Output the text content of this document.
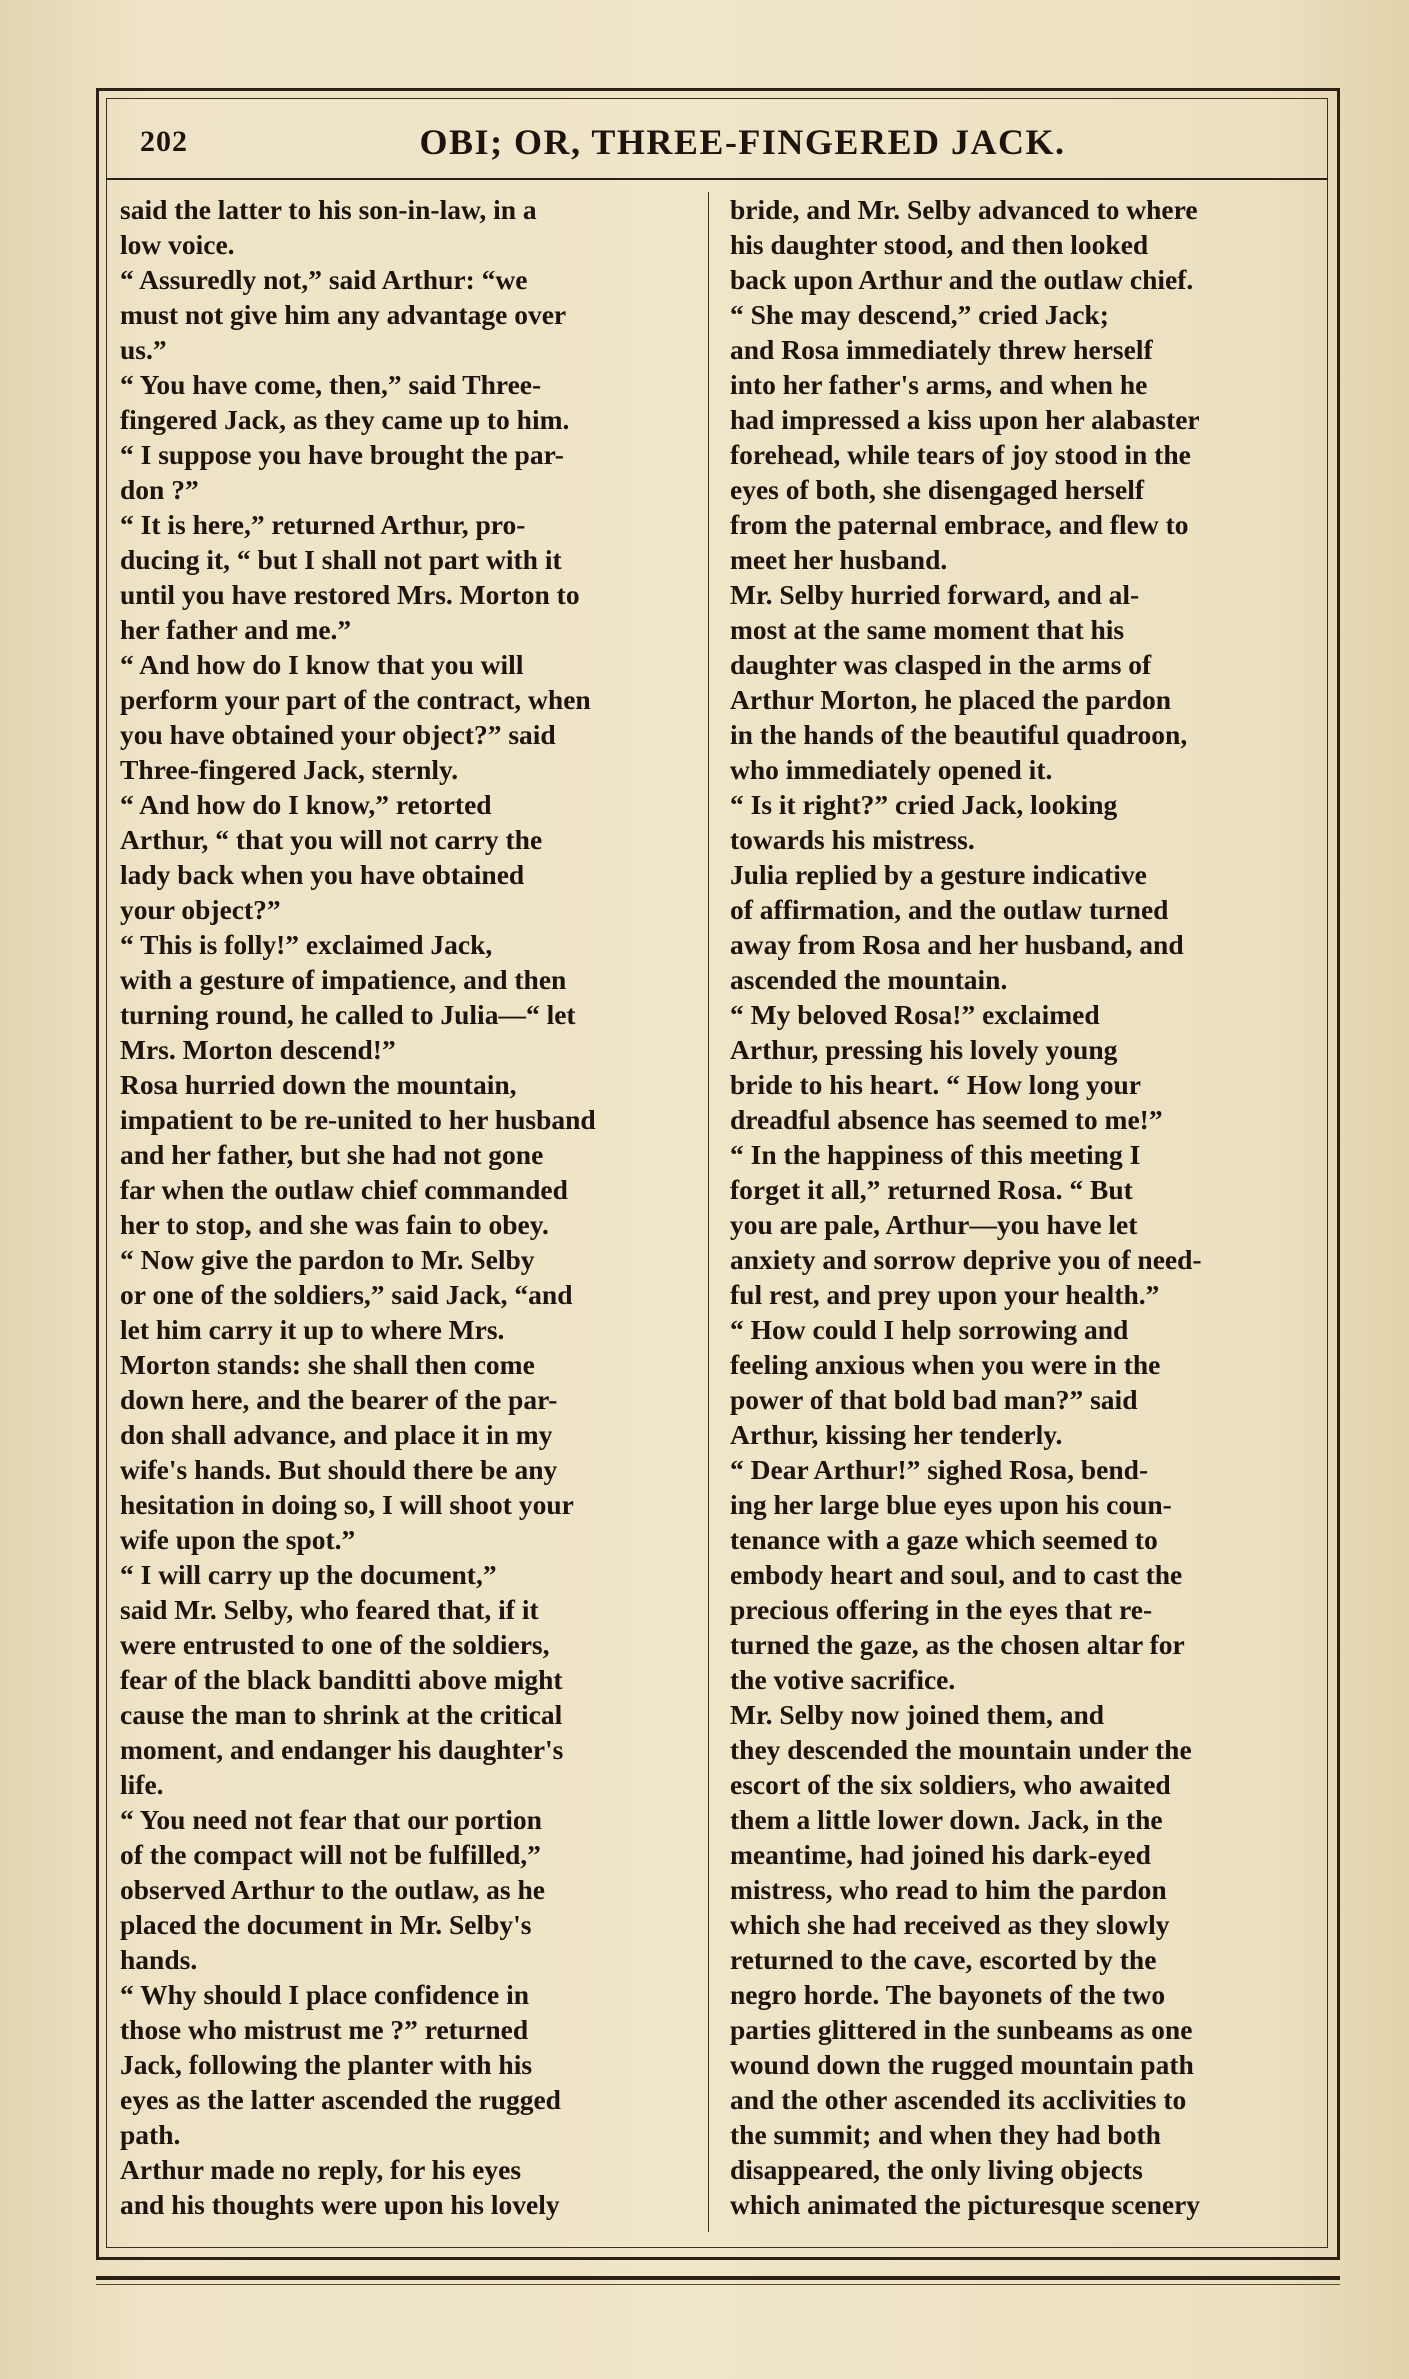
202	OBI; OR, THREE-FINGERED JACK.
said the latter to his son-in-law, in a
low voice.
“ Assuredly not,” said Arthur: “we
must not give him any advantage over
us.”
“ You have come, then,” said Three-
fingered Jack, as they came up to him.
“ I suppose you have brought the par-
don ?”
“ It is here,” returned Arthur, pro-
ducing it, “ but I shall not part with it
until you have restored Mrs. Morton to
her father and me.”
“ And how do I know that you will
perform your part of the contract, when
you have obtained your object?” said
Three-fingered Jack, sternly.
“ And how do I know,” retorted
Arthur, “ that you will not carry the
lady back when you have obtained
your object?”
“ This is folly!” exclaimed Jack,
with a gesture of impatience, and then
turning round, he called to Julia—“ let
Mrs. Morton descend!”
Rosa hurried down the mountain,
impatient to be re-united to her husband
and her father, but she had not gone
far when the outlaw chief commanded
her to stop, and she was fain to obey.
“ Now give the pardon to Mr. Selby
or one of the soldiers,” said Jack, “and
let him carry it up to where Mrs.
Morton stands: she shall then come
down here, and the bearer of the par-
don shall advance, and place it in my
wife's hands. But should there be any
hesitation in doing so, I will shoot your
wife upon the spot.”
“ I will carry up the document,”
said Mr. Selby, who feared that, if it
were entrusted to one of the soldiers,
fear of the black banditti above might
cause the man to shrink at the critical
moment, and endanger his daughter's
life.
“ You need not fear that our portion
of the compact will not be fulfilled,”
observed Arthur to the outlaw, as he
placed the document in Mr. Selby's
hands.
“ Why should I place confidence in
those who mistrust me ?” returned
Jack, following the planter with his
eyes as the latter ascended the rugged
path.
Arthur made no reply, for his eyes
and his thoughts were upon his lovely
bride, and Mr. Selby advanced to where
his daughter stood, and then looked
back upon Arthur and the outlaw chief.
“ She may descend,” cried Jack;
and Rosa immediately threw herself
into her father's arms, and when he
had impressed a kiss upon her alabaster
forehead, while tears of joy stood in the
eyes of both, she disengaged herself
from the paternal embrace, and flew to
meet her husband.
Mr. Selby hurried forward, and al-
most at the same moment that his
daughter was clasped in the arms of
Arthur Morton, he placed the pardon
in the hands of the beautiful quadroon,
who immediately opened it.
“ Is it right?” cried Jack, looking
towards his mistress.
Julia replied by a gesture indicative
of affirmation, and the outlaw turned
away from Rosa and her husband, and
ascended the mountain.
“ My beloved Rosa!” exclaimed
Arthur, pressing his lovely young
bride to his heart. “ How long your
dreadful absence has seemed to me!”
“ In the happiness of this meeting I
forget it all,” returned Rosa. “ But
you are pale, Arthur—you have let
anxiety and sorrow deprive you of need-
ful rest, and prey upon your health.”
“ How could I help sorrowing and
feeling anxious when you were in the
power of that bold bad man?” said
Arthur, kissing her tenderly.
“ Dear Arthur!” sighed Rosa, bend-
ing her large blue eyes upon his coun-
tenance with a gaze which seemed to
embody heart and soul, and to cast the
precious offering in the eyes that re-
turned the gaze, as the chosen altar for
the votive sacrifice.
Mr. Selby now joined them, and
they descended the mountain under the
escort of the six soldiers, who awaited
them a little lower down. Jack, in the
meantime, had joined his dark-eyed
mistress, who read to him the pardon
which she had received as they slowly
returned to the cave, escorted by the
negro horde. The bayonets of the two
parties glittered in the sunbeams as one
wound down the rugged mountain path
and the other ascended its acclivities to
the summit; and when they had both
disappeared, the only living objects
which animated the picturesque scenery
